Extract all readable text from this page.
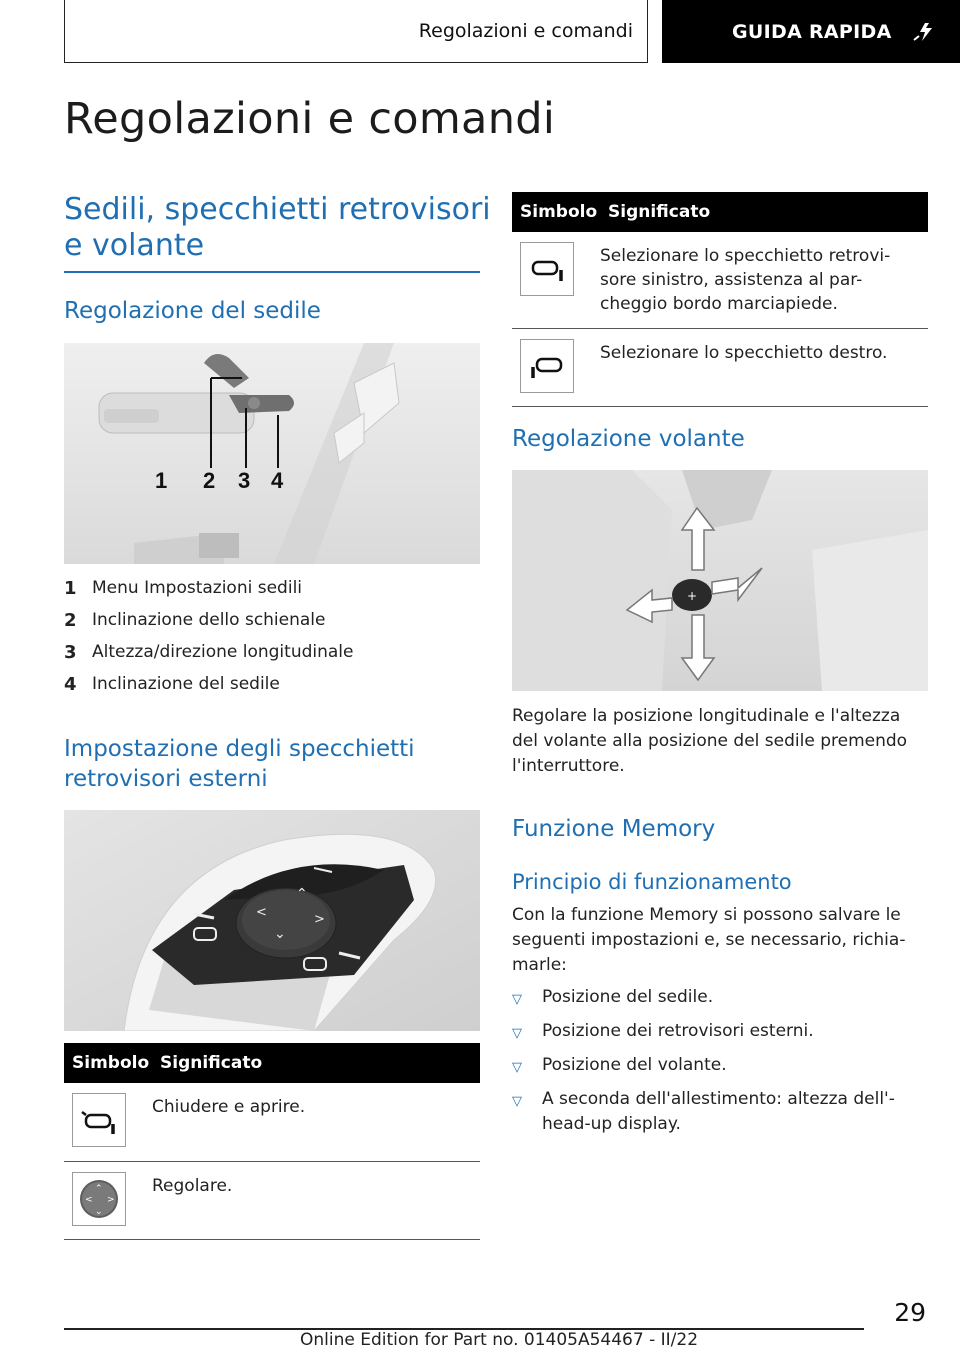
Regolazioni e comandi	GUIDA RAPIDA
Regolazioni e comandi
Sedili, specchietti retrovisori
e volante
Regolazione del sedile
1 2 3 4
1 Menu Impostazioni sedili
2 Inclinazione dello schienale
3 Altezza/direzione longitudinale
4 Inclinazione del sedile
Impostazione degli specchietti
retrovisori esterni
⌃
<	>
⌄
Simbolo	Significato

	Chiudere e aprire.

⌃
< >
⌄	Regolare.
Simbolo	Significato

Selezionare lo specchietto retrovi-
sore sinistro, assistenza al par-
cheggio bordo marciapiede.

	Selezionare lo specchietto destro.
Regolazione volante
+
Regolare la posizione longitudinale e l'altezza
del volante alla posizione del sedile premendo
l'interruttore.
Funzione Memory
Principio di funzionamento
Con la funzione Memory si possono salvare le
seguenti impostazioni e, se necessario, richia-
marle:
▽	Posizione del sedile.
▽	Posizione dei retrovisori esterni.
▽	Posizione del volante.
▽	A seconda dell'allestimento: altezza dell'-
head-up display.
29
Online Edition for Part no. 01405A54467 - II/22
